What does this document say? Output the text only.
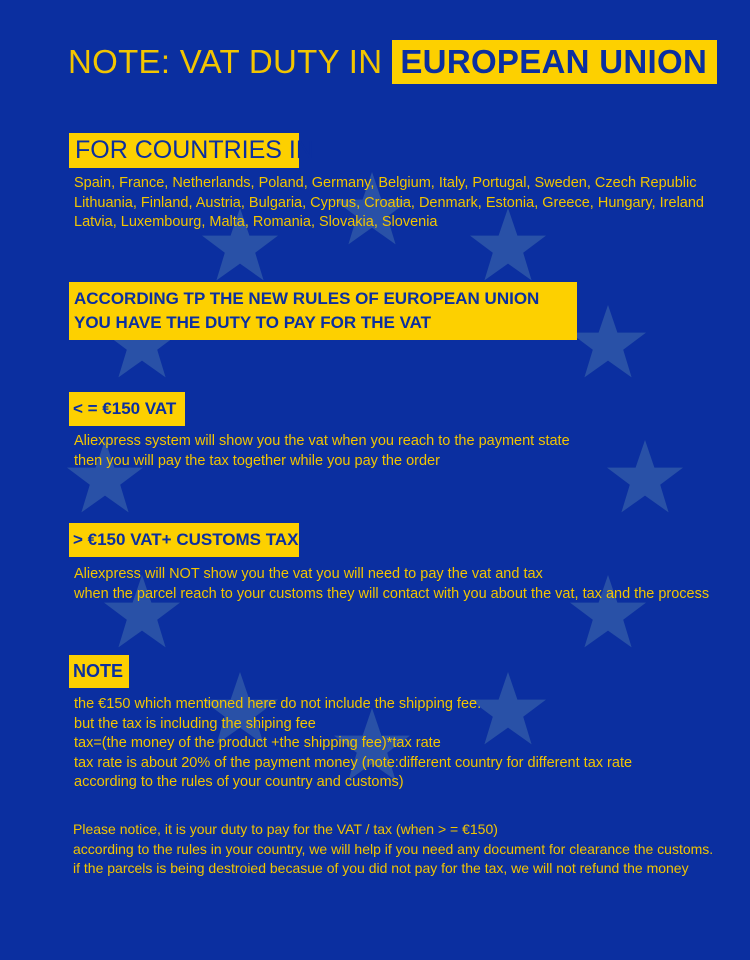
NOTE: VAT DUTY IN EUROPEAN UNION
FOR COUNTRIES IN
Spain, France, Netherlands, Poland, Germany, Belgium, Italy, Portugal, Sweden, Czech Republic
Lithuania, Finland, Austria, Bulgaria, Cyprus, Croatia, Denmark, Estonia, Greece, Hungary, Ireland
Latvia, Luxembourg, Malta, Romania, Slovakia, Slovenia
ACCORDING TP THE NEW RULES OF EUROPEAN UNION
YOU HAVE THE DUTY TO PAY FOR THE VAT
< = €150 VAT
Aliexpress system will show you the vat when you reach to the payment state
then you will pay the tax together while you pay the order
> €150 VAT+ CUSTOMS TAX
Aliexpress will NOT show you the vat you will need to pay the vat and tax
when the parcel reach to your customs they will contact with you about the vat, tax and the process
NOTE
the €150 which mentioned here do not include the shipping fee.
but the tax is including the shiping fee
tax=(the money of the product +the shipping fee)*tax rate
tax rate is about 20% of the payment money (note:different country for different tax rate
according to the rules of your country and customs)
Please notice, it is your duty to pay for the VAT / tax (when > = €150)
according to the rules in your country, we will help if you need any document for clearance the customs.
if the parcels is being destroied becasue of you did not pay for the tax, we will not refund the money
